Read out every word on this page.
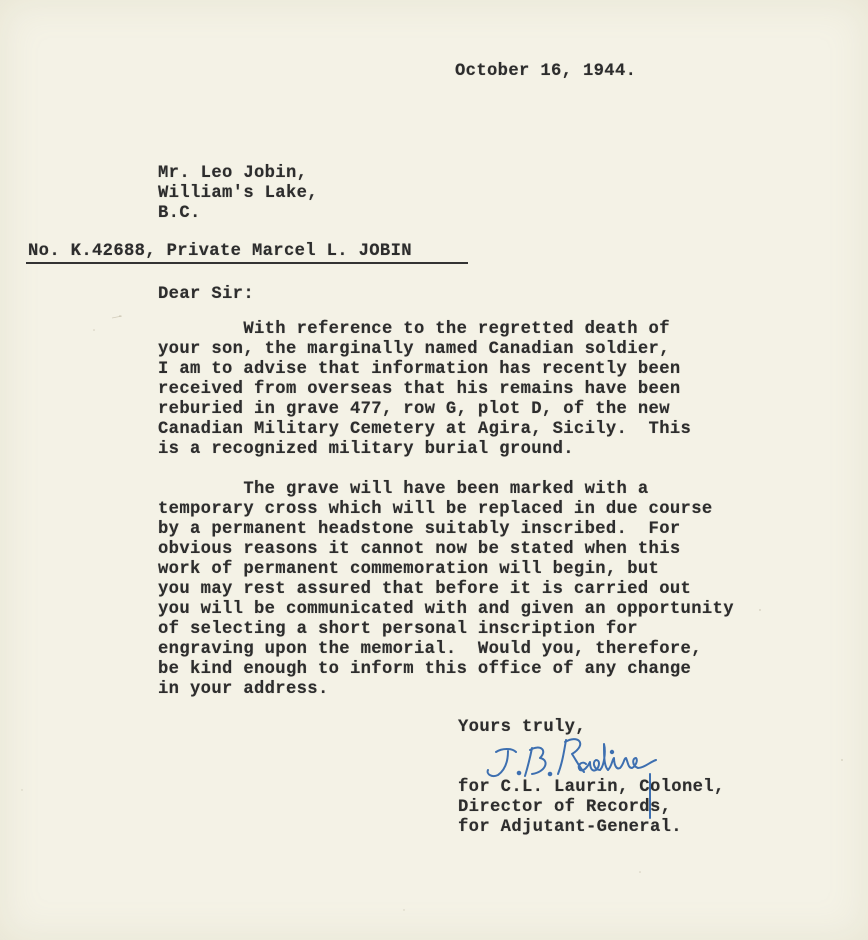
October 16, 1944.
Mr. Leo Jobin,
William's Lake,
B.C.
No. K.42688, Private Marcel L. JOBIN
Dear Sir:
With reference to the regretted death of
your son, the marginally named Canadian soldier,
I am to advise that information has recently been
received from overseas that his remains have been
reburied in grave 477, row G, plot D, of the new
Canadian Military Cemetery at Agira, Sicily.  This
is a recognized military burial ground.
The grave will have been marked with a
temporary cross which will be replaced in due course
by a permanent headstone suitably inscribed.  For
obvious reasons it cannot now be stated when this
work of permanent commemoration will begin, but
you may rest assured that before it is carried out
you will be communicated with and given an opportunity
of selecting a short personal inscription for
engraving upon the memorial.  Would you, therefore,
be kind enough to inform this office of any change
in your address.
Yours truly,
for C.L. Laurin, Colonel,
Director of Records,
for Adjutant-General.
